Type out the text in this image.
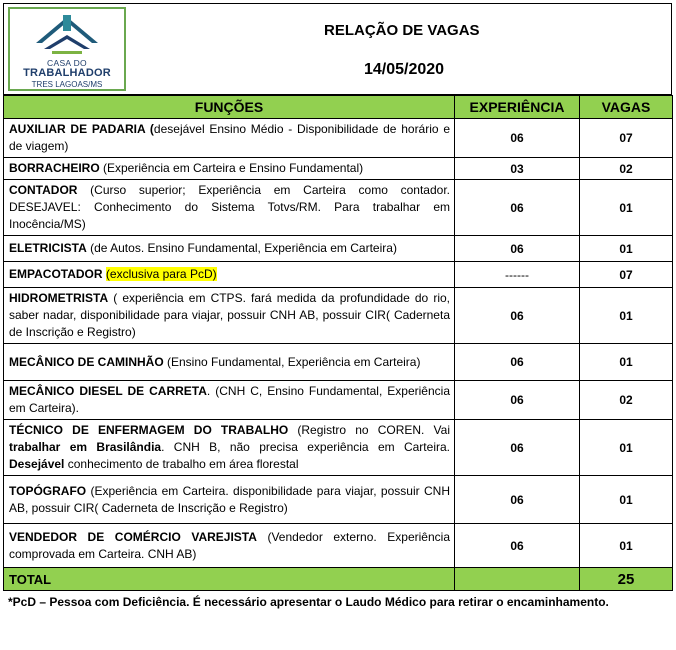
CASA DO
TRABALHADOR
TRES LAGOAS/MS
RELAÇÃO DE VAGAS
14/05/2020
FUNÇÕES	EXPERIÊNCIA	VAGAS
AUXILIAR DE PADARIA (desejável Ensino Médio - Disponibilidade de horário e de viagem)	06	07
BORRACHEIRO (Experiência em Carteira e Ensino Fundamental)	03	02
CONTADOR (Curso superior; Experiência em Carteira como contador. DESEJAVEL: Conhecimento do Sistema Totvs/RM. Para trabalhar em Inocência/MS)	06	01
ELETRICISTA (de Autos. Ensino Fundamental, Experiência em Carteira)	06	01
EMPACOTADOR (exclusiva para PcD)	------	07
HIDROMETRISTA ( experiência em CTPS. fará medida da profundidade do rio, saber nadar, disponibilidade para viajar, possuir CNH AB, possuir CIR( Caderneta de Inscrição e Registro)	06	01
MECÂNICO DE CAMINHÃO (Ensino Fundamental, Experiência em Carteira)	06	01
MECÂNICO DIESEL DE CARRETA. (CNH C, Ensino Fundamental, Experiência em Carteira).	06	02
TÉCNICO DE ENFERMAGEM DO TRABALHO (Registro no COREN. Vai trabalhar em Brasilândia. CNH B, não precisa experiência em Carteira. Desejável conhecimento de trabalho em área florestal	06	01
TOPÓGRAFO (Experiência em Carteira. disponibilidade para viajar, possuir CNH AB, possuir CIR( Caderneta de Inscrição e Registro)	06	01
VENDEDOR DE COMÉRCIO VAREJISTA (Vendedor externo. Experiência comprovada em Carteira. CNH AB)	06	01
TOTAL		25
*PcD – Pessoa com Deficiência. É necessário apresentar o Laudo Médico para retirar o encaminhamento.
